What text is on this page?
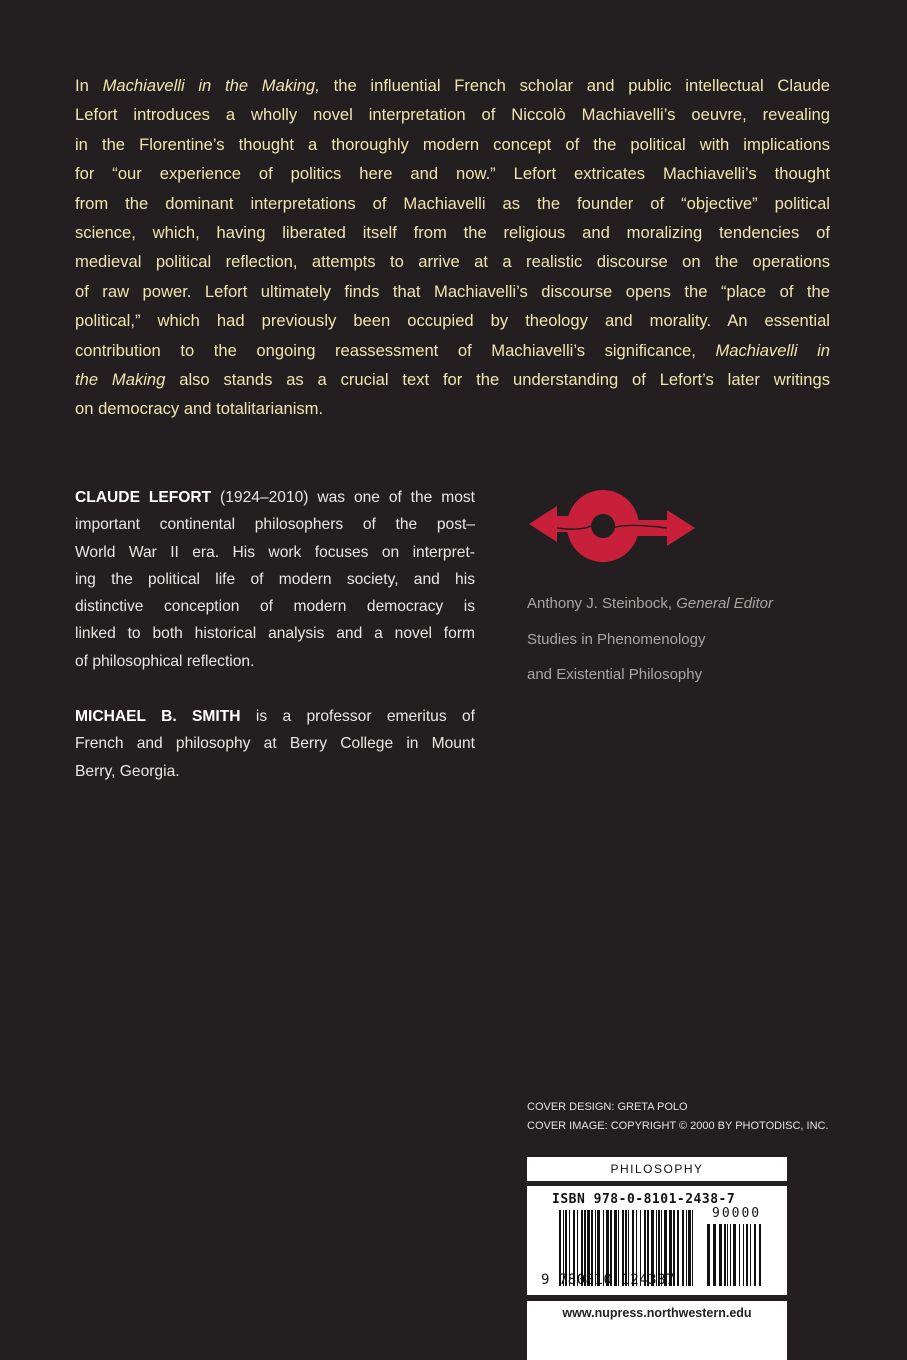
In Machiavelli in the Making, the influential French scholar and public intellectual Claude
Lefort introduces a wholly novel interpretation of Niccolò Machiavelli’s oeuvre, revealing
in the Florentine’s thought a thoroughly modern concept of the political with implications
for “our experience of politics here and now.” Lefort extricates Machiavelli’s thought
from the dominant interpretations of Machiavelli as the founder of “objective” political
science, which, having liberated itself from the religious and moralizing tendencies of
medieval political reflection, attempts to arrive at a realistic discourse on the operations
of raw power. Lefort ultimately finds that Machiavelli’s discourse opens the “place of the
political,” which had previously been occupied by theology and morality. An essential
contribution to the ongoing reassessment of Machiavelli’s significance, Machiavelli in
the Making also stands as a crucial text for the understanding of Lefort’s later writings
on democracy and totalitarianism.
CLAUDE LEFORT (1924–2010) was one of the most
important continental philosophers of the post–
World War II era. His work focuses on interpret-
ing the political life of modern society, and his
distinctive conception of modern democracy is
linked to both historical analysis and a novel form
of philosophical reflection.
MICHAEL B. SMITH is a professor emeritus of
French and philosophy at Berry College in Mount
Berry, Georgia.
Anthony J. Steinbock, General Editor
Studies in Phenomenology
and Existential Philosophy
COVER DESIGN: GRETA POLO
COVER IMAGE: COPYRIGHT © 2000 BY PHOTODISC, INC.
PHILOSOPHY
ISBN 978-0-8101-2438-7
90000
9 780810 124387
www.nupress.northwestern.edu
